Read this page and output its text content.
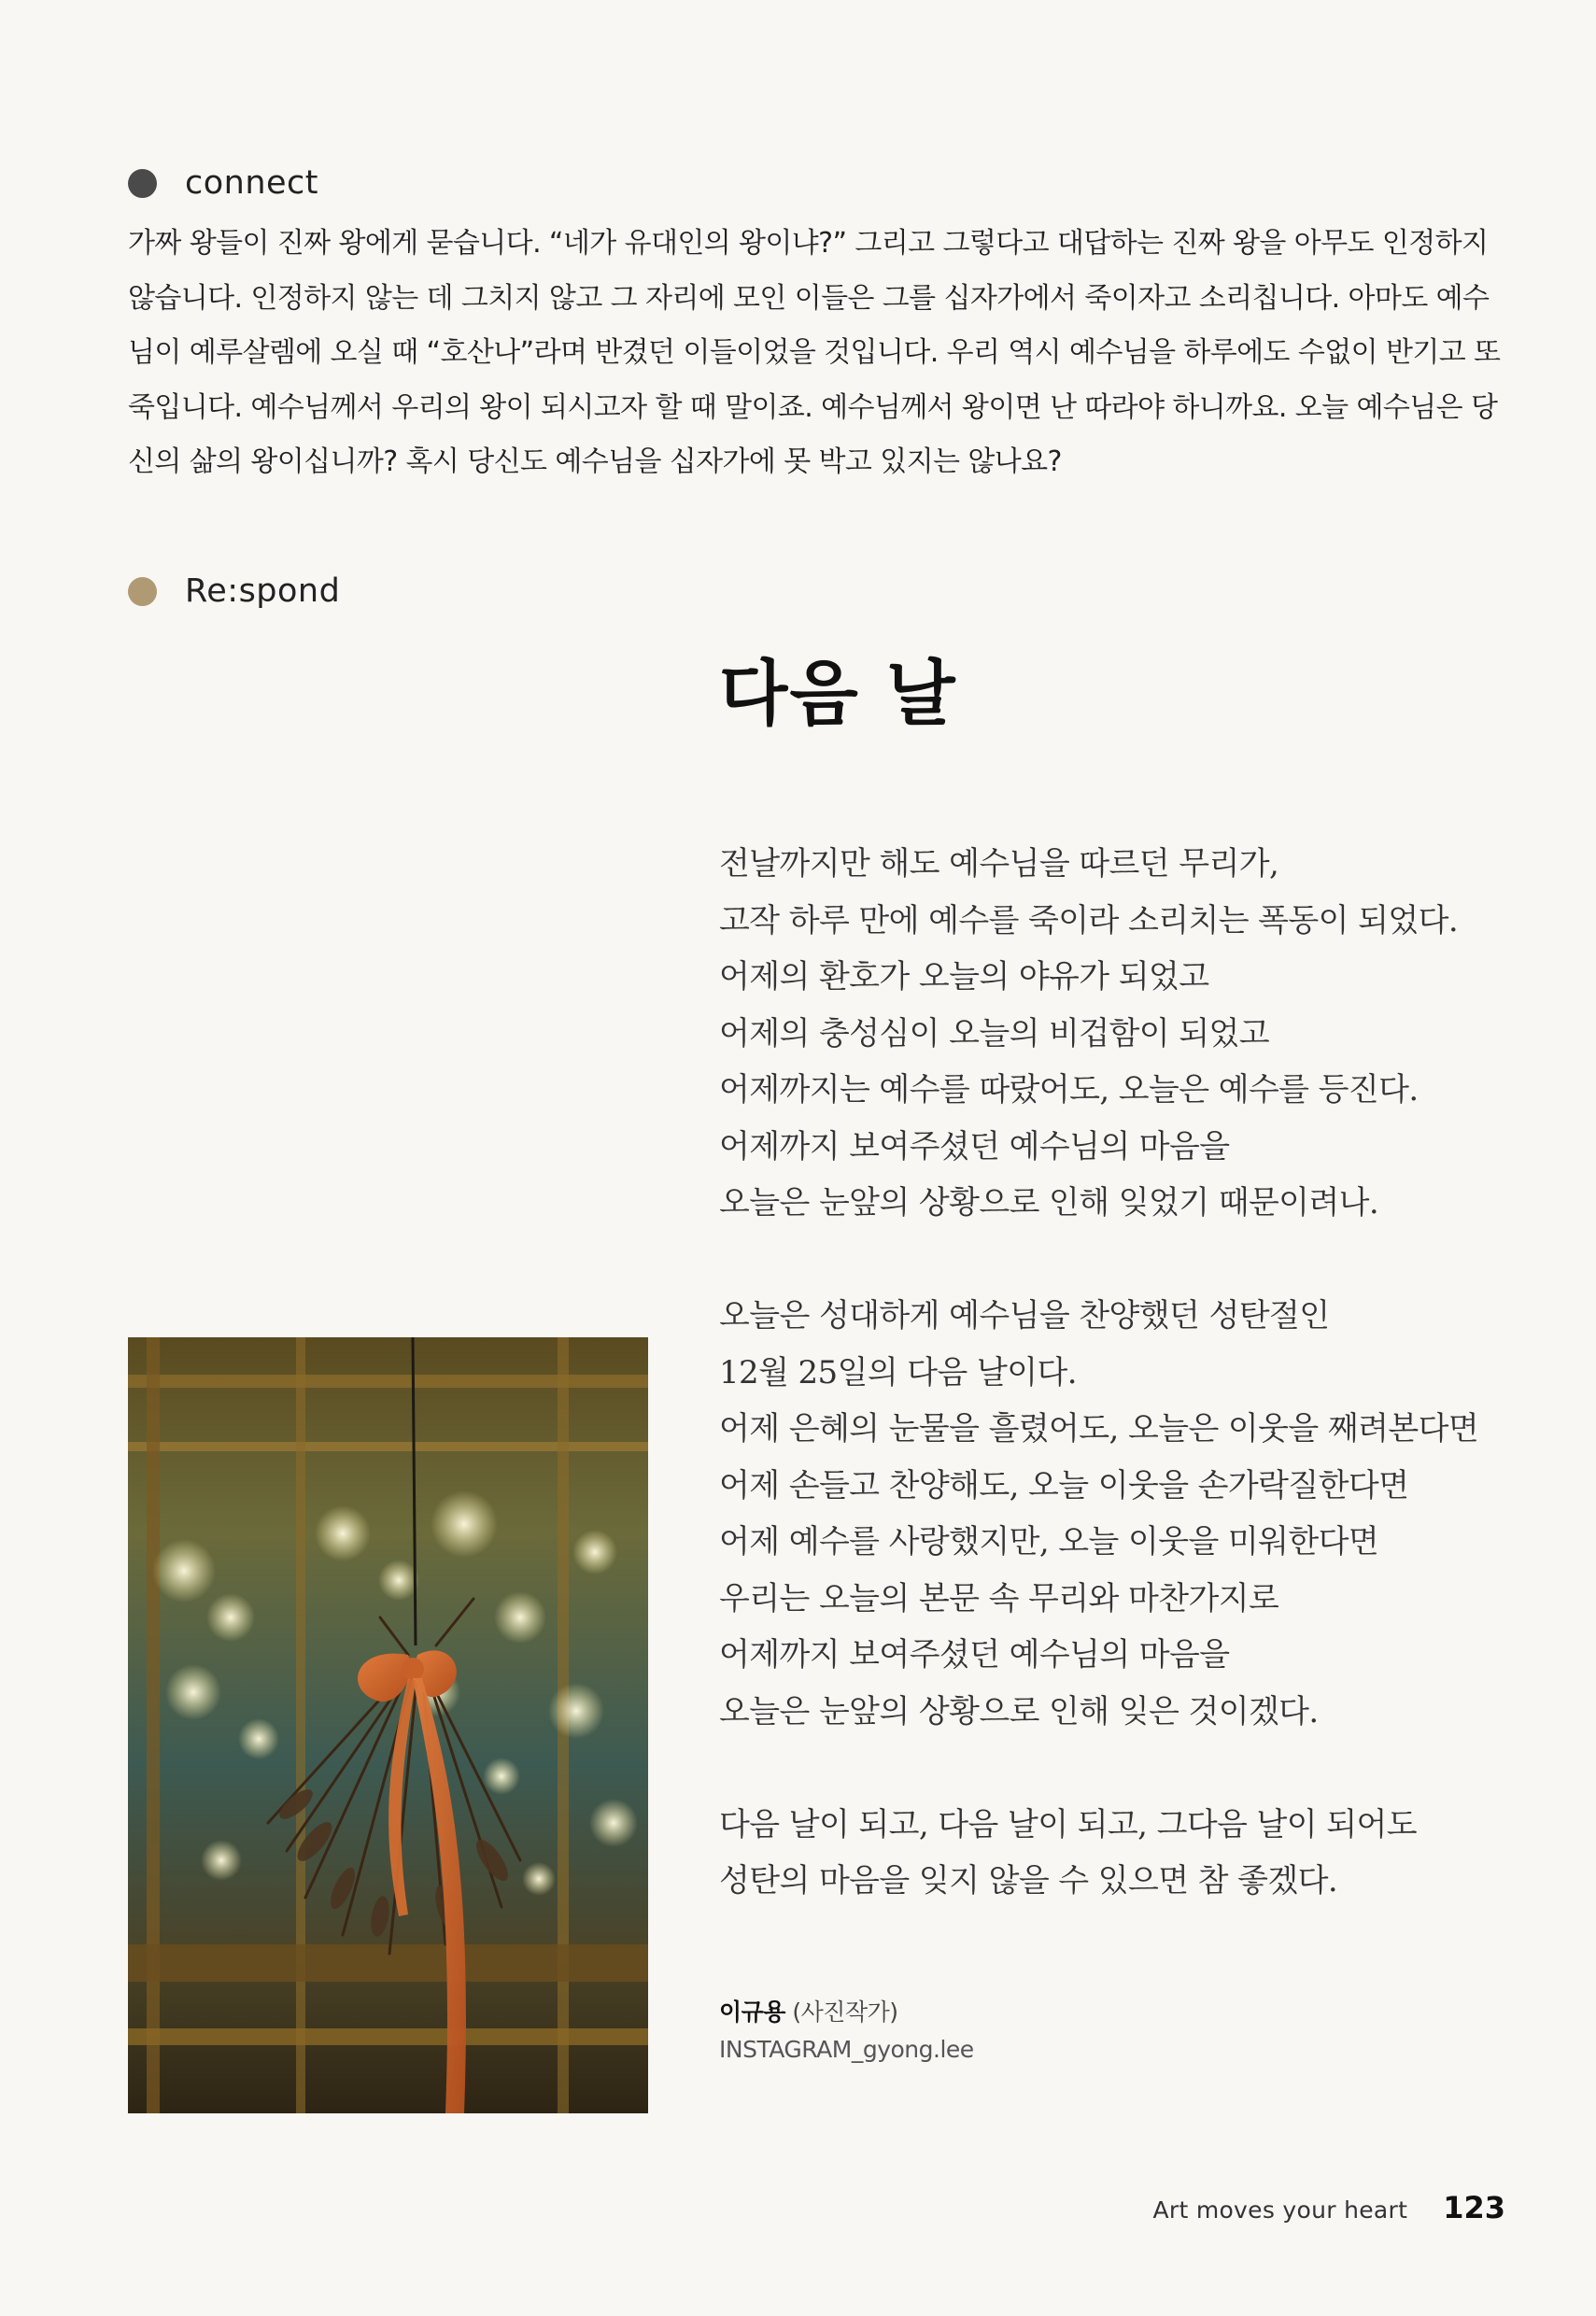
connect
가짜 왕들이 진짜 왕에게 묻습니다. “네가 유대인의 왕이냐?” 그리고 그렇다고 대답하는 진짜 왕을 아무도 인정하지
않습니다. 인정하지 않는 데 그치지 않고 그 자리에 모인 이들은 그를 십자가에서 죽이자고 소리칩니다. 아마도 예수
님이 예루살렘에 오실 때 “호산나”라며 반겼던 이들이었을 것입니다. 우리 역시 예수님을 하루에도 수없이 반기고 또
죽입니다. 예수님께서 우리의 왕이 되시고자 할 때 말이죠. 예수님께서 왕이면 난 따라야 하니까요. 오늘 예수님은 당
신의 삶의 왕이십니까? 혹시 당신도 예수님을 십자가에 못 박고 있지는 않나요?
Re:spond
다음 날
전날까지만 해도 예수님을 따르던 무리가,
고작 하루 만에 예수를 죽이라 소리치는 폭동이 되었다.
어제의 환호가 오늘의 야유가 되었고
어제의 충성심이 오늘의 비겁함이 되었고
어제까지는 예수를 따랐어도, 오늘은 예수를 등진다.
어제까지 보여주셨던 예수님의 마음을
오늘은 눈앞의 상황으로 인해 잊었기 때문이려나.
오늘은 성대하게 예수님을 찬양했던 성탄절인
12월 25일의 다음 날이다.
어제 은혜의 눈물을 흘렸어도, 오늘은 이웃을 째려본다면
어제 손들고 찬양해도, 오늘 이웃을 손가락질한다면
어제 예수를 사랑했지만, 오늘 이웃을 미워한다면
우리는 오늘의 본문 속 무리와 마찬가지로
어제까지 보여주셨던 예수님의 마음을
오늘은 눈앞의 상황으로 인해 잊은 것이겠다.
다음 날이 되고, 다음 날이 되고, 그다음 날이 되어도
성탄의 마음을 잊지 않을 수 있으면 참 좋겠다.
이규용 (사진작가)
INSTAGRAM_gyong.lee
Art moves your heart 123
